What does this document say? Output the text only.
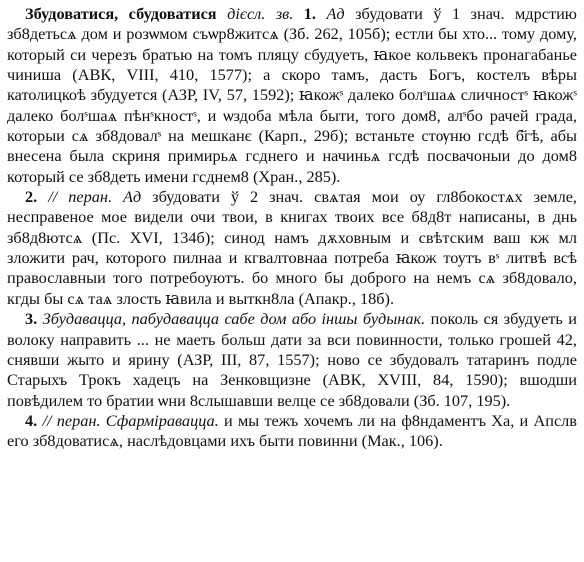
Збудоватися, сбудоватися дієсл. зв. 1. Ад збудовати ў 1 знач. мдрстию зб8детьсѧ дом и розѡмом съѡр8житсѧ (Зб. 262, 105б); естли бы хто... тому дому, который си черезъ братью на томъ пляцу сбудуеть, ꙗкое кольвекъ пронагабанье чиниша (АВК, VIII, 410, 1577); а скоро тамъ, дасть Богъ, костелъ вѣры католицкоѣ збудуется (АЗР, IV, 57, 1592); ꙗкожˢ далеко болˢшаѧ сличностˢ ꙗкожˢ далеко болˢшаѧ пѣнˢкностˢ, и ѡздоба мѣла быти, того дом8, алˢбо рачей града, которыи сѧ зб8довалˢ на мешканє (Карп., 29б); встаньте стѹню гсдѣ б҃гѣ, абы внесена была скриня примирьѧ гсднего и начиньѧ гсдѣ посвачоныи до дом8 который се зб8деть имени гсднем8 (Хран., 285).

2. // перан. Ад збудовати ў 2 знач. свѧтая мои оу гл8бокостѧх земле, несправеное мое видели очи твои, в книгах твоих все б8д8т написаны, в днь зб8д8ютсѧ (Пс. XVI, 134б); синод намъ дѫховным и свѣтским ваш кж мл зложити рач, которого пилнаа и кгвалтовнаа потреба ꙗкож тоутъ вˢ литвѣ всѣ православныи того потребоуютъ. бо много бы доброго на немъ сѧ зб8довало, кгды бы сѧ таѧ злость ꙗвила и выткн8ла (Апакр., 18б).

3. Збудавацца, пабудавацца сабе дом або іншы будынак. поколь ся збудуеть и волоку направить ... не маеть больш дати за вси повинности, только грошей 42, снявши жыто и ярину (АЗР, III, 87, 1557); ново се збудовалъ татаринъ подле Старыхъ Трокъ хадецъ на Зенковщизне (АВК, XVIII, 84, 1590); вшодши повѣдилем то братии ѡни 8слышавши велце се зб8довали (Зб. 107, 195).

4. // перан. Сфарміравацца. и мы тежъ хочемъ ли на ф8ндаментъ Ха, и Апслв его зб8доватисѧ, наслѣдовцами ихъ быти повинни (Мак., 106).
